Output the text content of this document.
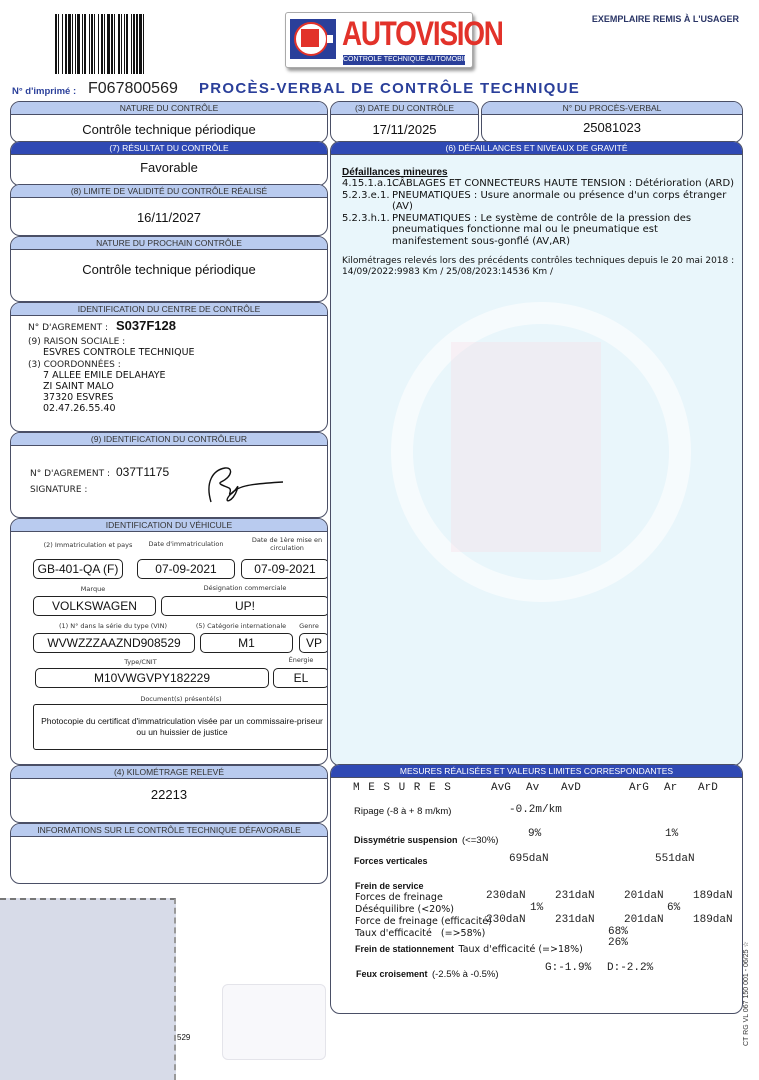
AUTOVISION
CONTROLE TECHNIQUE AUTOMOBILE
EXEMPLAIRE REMIS À L'USAGER
N° d'imprimé : F067800569 PROCÈS-VERBAL DE CONTRÔLE TECHNIQUE
NATURE DU CONTRÔLE
Contrôle technique périodique
(3) DATE DU CONTRÔLE
17/11/2025
N° DU PROCÈS-VERBAL
25081023
(7) RÉSULTAT DU CONTRÔLE
Favorable
(8) LIMITE DE VALIDITÉ DU CONTRÔLE RÉALISÉ
16/11/2027
NATURE DU PROCHAIN CONTRÔLE
Contrôle technique périodique
IDENTIFICATION DU CENTRE DE CONTRÔLE
N° D'AGREMENT : S037F128
(9) RAISON SOCIALE :
ESVRES CONTROLE TECHNIQUE
(3) COORDONNÉES :
7 ALLEE EMILE DELAHAYE
ZI SAINT MALO
37320 ESVRES
02.47.26.55.40
(9) IDENTIFICATION DU CONTRÔLEUR
N° D'AGREMENT : 037T1175
SIGNATURE :
IDENTIFICATION DU VÉHICULE
(2) Immatriculation et pays	Date d'immatriculation	Date de 1ère mise en circulation
GB-401-QA (F)	07-09-2021	07-09-2021
Marque	Désignation commerciale
VOLKSWAGEN	UP!
(1) N° dans la série du type (VIN)	(5) Catégorie internationale	Genre
WVWZZZAAZND908529	M1	VP
Type/CNIT	Énergie
M10VWGVPY182229	EL
Document(s) présenté(s)
Photocopie du certificat d'immatriculation visée par un commissaire-priseur ou un huissier de justice
(4) KILOMÉTRAGE RELEVÉ
22213
INFORMATIONS SUR LE CONTRÔLE TECHNIQUE DÉFAVORABLE
(6) DÉFAILLANCES ET NIVEAUX DE GRAVITÉ
Défaillances mineures
4.15.1.a.1.
CÂBLAGES ET CONNECTEURS HAUTE TENSION : Détérioration (ARD)
5.2.3.e.1. PNEUMATIQUES : Usure anormale ou présence d'un corps étranger (AV)
5.2.3.h.1. PNEUMATIQUES : Le système de contrôle de la pression des pneumatiques fonctionne mal ou le pneumatique est manifestement sous-gonflé (AV,AR)
Kilométrages relevés lors des précédents contrôles techniques depuis le 20 mai 2018 :
14/09/2022:9983 Km / 25/08/2023:14536 Km /
MESURES RÉALISÉES ET VALEURS LIMITES CORRESPONDANTES
M E S U R E S	AvG Av AvD	ArG Ar ArD
Ripage (-8 à + 8 m/km)	-0.2m/km
Dissymétrie suspension (<=30%)
9%	1%
Forces verticales	695daN	551daN
Frein de service
Forces de freinage	230daN	231daN	201daN	189daN
Déséquilibre (<20%)	1%	6%
Force de freinage (efficacité)
230daN	231daN	201daN	189daN
Taux d'efficacité   (=>58%)	68%
Frein de stationnement Taux d'efficacité (=>18%)
26%
Feux croisement (-2.5% à -0.5%)
G:-1.9% D:-2.2%
529	CT RG VL 067 150 001 - 06/25 ☆
